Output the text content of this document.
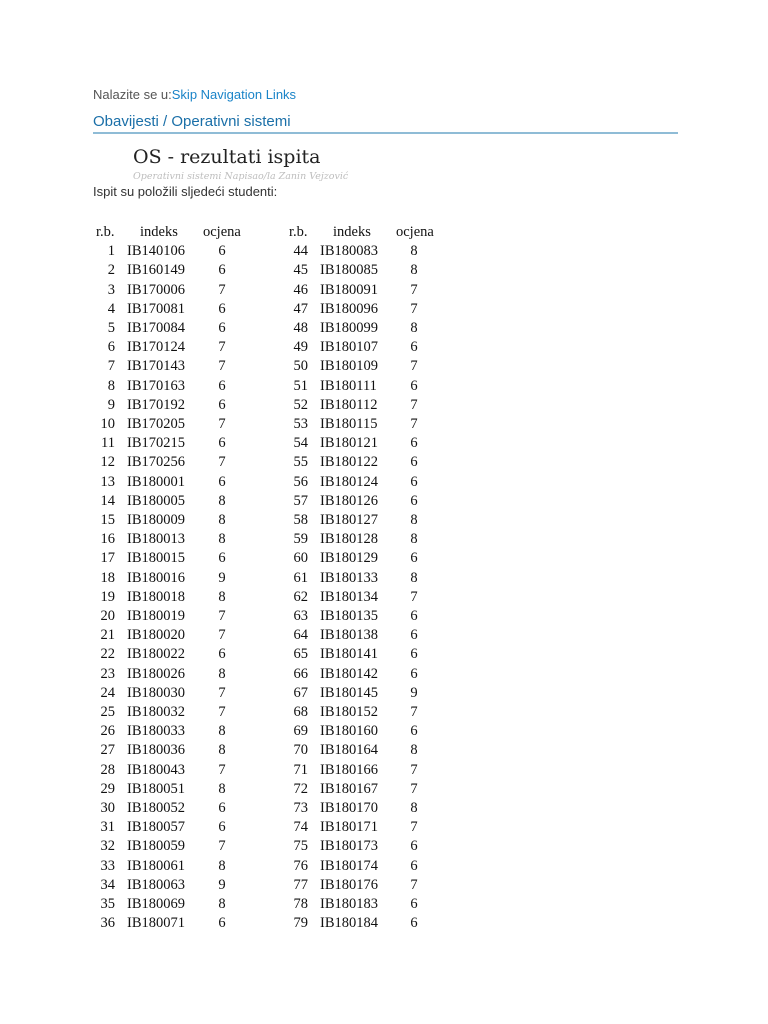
Nalazite se u:Skip Navigation Links
Obavijesti / Operativni sistemi
OS - rezultati ispita
Operativni sistemi Napisao/la Zanin Vejzović
Ispit su položili sljedeći studenti:
r.b. indeks ocjena	r.b. indeks ocjena
1 IB140106	6	44 IB180083	8
2 IB160149	6	45 IB180085	8
3 IB170006	7	46 IB180091	7
4 IB170081	6	47 IB180096	7
5 IB170084	6	48 IB180099	8
6 IB170124	7	49 IB180107	6
7 IB170143	7	50 IB180109	7
8 IB170163	6	51 IB180111	6
9 IB170192	6	52 IB180112	7
10 IB170205	7	53 IB180115	7
11 IB170215	6	54 IB180121	6
12 IB170256	7	55 IB180122	6
13 IB180001	6	56 IB180124	6
14 IB180005	8	57 IB180126	6
15 IB180009	8	58 IB180127	8
16 IB180013	8	59 IB180128	8
17 IB180015	6	60 IB180129	6
18 IB180016	9	61 IB180133	8
19 IB180018	8	62 IB180134	7
20 IB180019	7	63 IB180135	6
21 IB180020	7	64 IB180138	6
22 IB180022	6	65 IB180141	6
23 IB180026	8	66 IB180142	6
24 IB180030	7	67 IB180145	9
25 IB180032	7	68 IB180152	7
26 IB180033	8	69 IB180160	6
27 IB180036	8	70 IB180164	8
28 IB180043	7	71 IB180166	7
29 IB180051	8	72 IB180167	7
30 IB180052	6	73 IB180170	8
31 IB180057	6	74 IB180171	7
32 IB180059	7	75 IB180173	6
33 IB180061	8	76 IB180174	6
34 IB180063	9	77 IB180176	7
35 IB180069	8	78 IB180183	6
36 IB180071	6	79 IB180184	6
